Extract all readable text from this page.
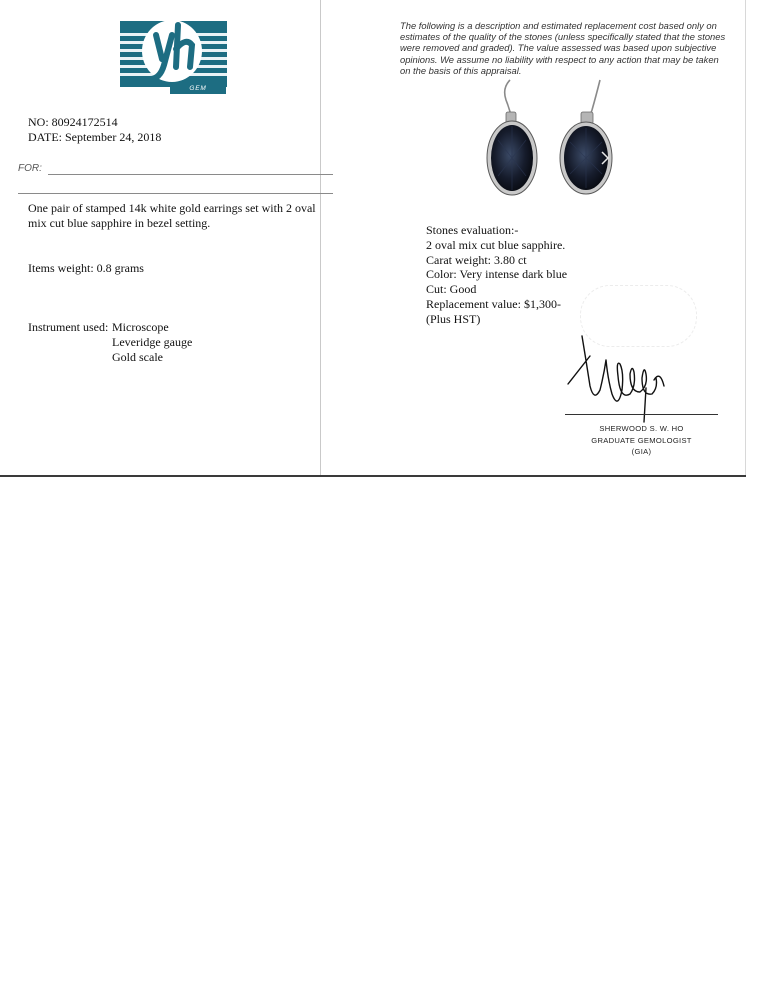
GEM SERVICES
NO: 80924172514
DATE: September 24, 2018
FOR:
One pair of stamped 14k white gold earrings set with 2 oval mix cut blue sapphire in bezel setting.
Items weight: 0.8 grams
Instrument used: Microscope
Leveridge gauge
Gold scale
The following is a description and estimated replacement cost based only on estimates of the quality of the stones (unless specifically stated that the stones were removed and graded). The value assessed was based upon subjective opinions. We assume no liability with respect to any action that may be taken on the basis of this appraisal.
Stones evaluation:-
2 oval mix cut blue sapphire.
Carat weight: 3.80 ct
Color: Very intense dark blue
Cut: Good
Replacement value: $1,300-
(Plus HST)
SHERWOOD S. W. HO
GRADUATE GEMOLOGIST
(GIA)
